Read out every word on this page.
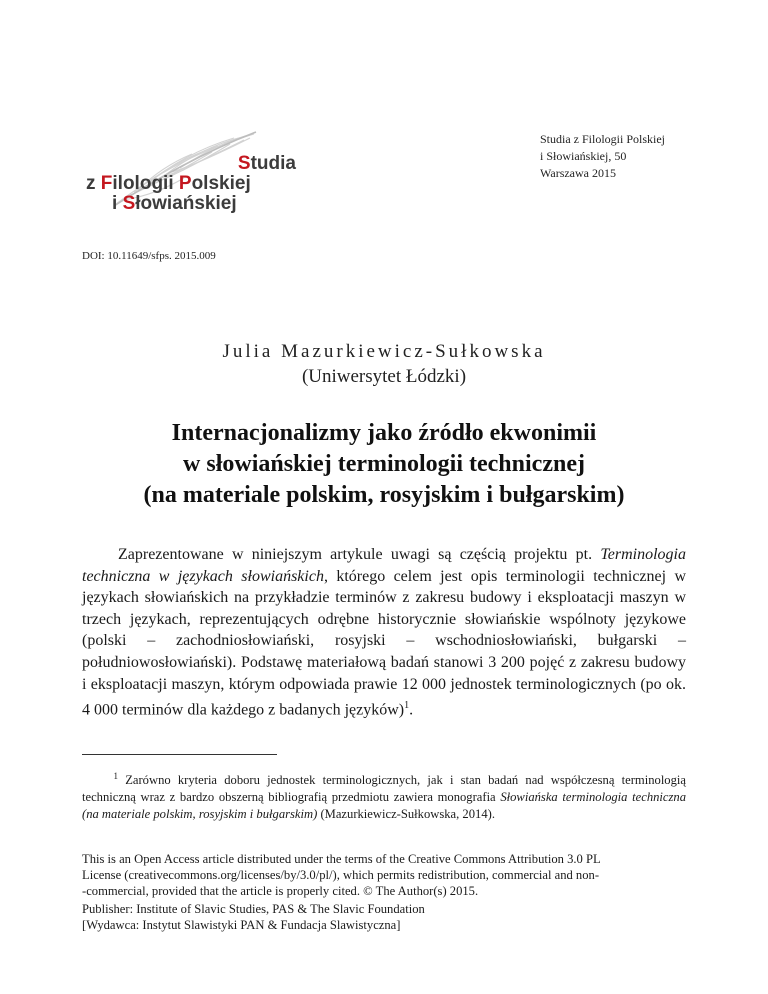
Studia
z Filologii Polskiej
i Słowiańskiej
Studia z Filologii Polskiej
i Słowiańskiej, 50
Warszawa 2015
DOI: 10.11649/sfps. 2015.009
Julia Mazurkiewicz-Sułkowska
(Uniwersytet Łódzki)
Internacjonalizmy jako źródło ekwonimii
w słowiańskiej terminologii technicznej
(na materiale polskim, rosyjskim i bułgarskim)
Zaprezentowane w niniejszym artykule uwagi są częścią projektu pt. Terminologia techniczna w językach słowiańskich, którego celem jest opis terminologii technicznej w językach słowiańskich na przykładzie terminów z zakresu budowy i eksploatacji maszyn w trzech językach, reprezentujących odrębne historycznie słowiańskie wspólnoty językowe (polski – zachodniosłowiański, rosyjski – wschodniosłowiański, bułgarski – południowosłowiański). Podstawę materiałową badań stanowi 3 200 pojęć z zakresu budowy i eksploatacji maszyn, którym odpowiada prawie 12 000 jednostek terminologicznych (po ok. 4 000 terminów dla każdego z badanych języków)$^1$.
$^1$ Zarówno kryteria doboru jednostek terminologicznych, jak i stan badań nad współczesną terminologią techniczną wraz z bardzo obszerną bibliografią przedmiotu zawiera monografia Słowiańska terminologia techniczna (na materiale polskim, rosyjskim i bułgarskim) (Mazurkiewicz-Sułkowska, 2014).
This is an Open Access article distributed under the terms of the Creative Commons Attribution 3.0 PL
License (creativecommons.org/licenses/by/3.0/pl/), which permits redistribution, commercial and non-
-commercial, provided that the article is properly cited. © The Author(s) 2015.
Publisher: Institute of Slavic Studies, PAS & The Slavic Foundation
[Wydawca: Instytut Slawistyki PAN & Fundacja Slawistyczna]
